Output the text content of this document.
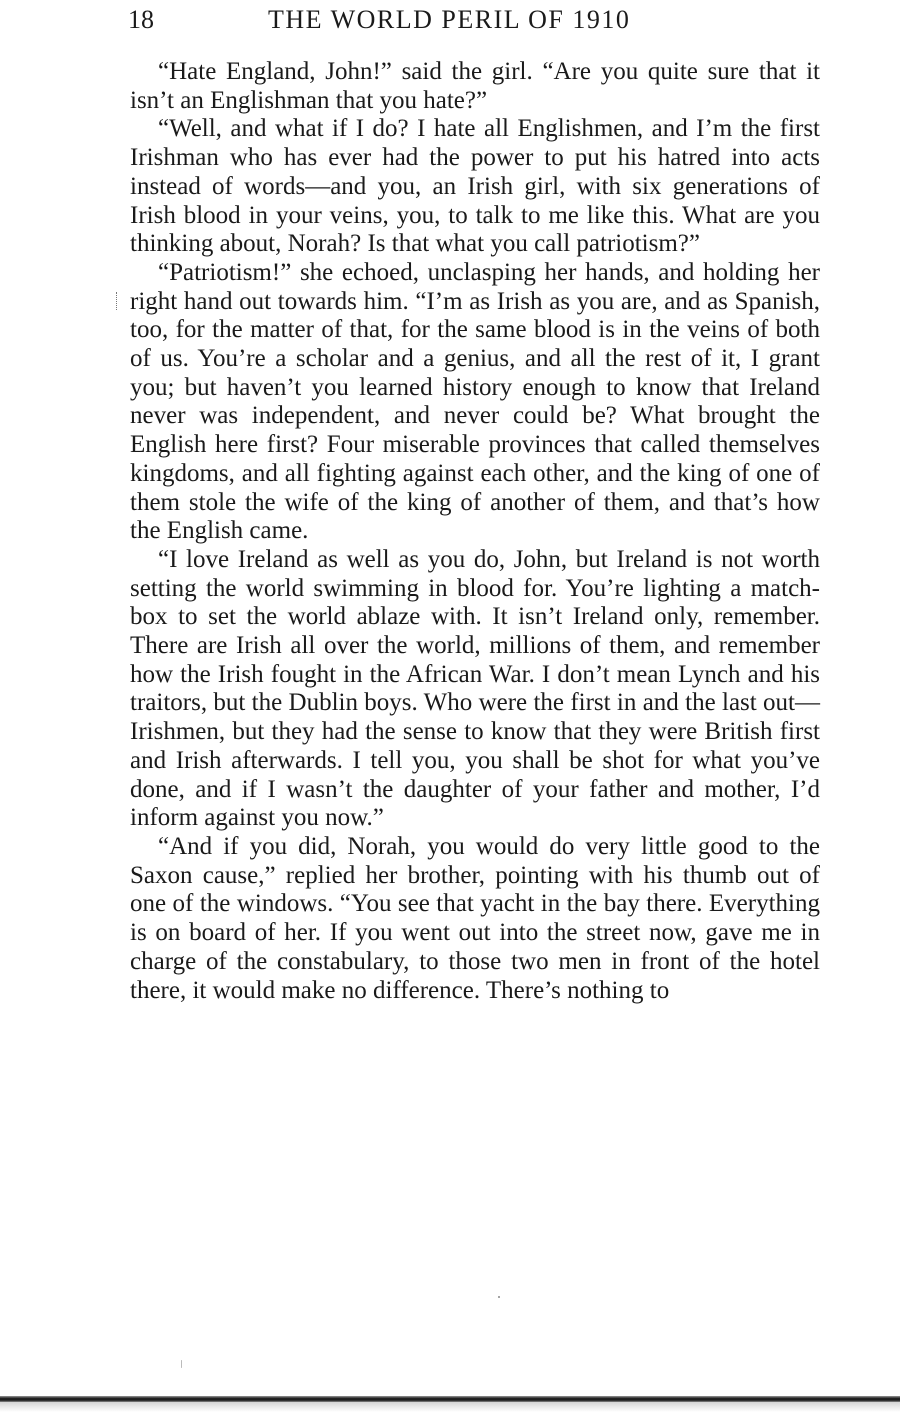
18	THE WORLD PERIL OF 1910

“Hate England, John!” said the girl. “Are you quite sure that it isn’t an Englishman that you hate?”

“Well, and what if I do? I hate all Englishmen, and I’m the first Irishman who has ever had the power to put his hatred into acts instead of words—and you, an Irish girl, with six generations of Irish blood in your veins, you, to talk to me like this. What are you thinking about, Norah? Is that what you call patriotism?”

“Patriotism!” she echoed, unclasping her hands, and holding her right hand out towards him. “I’m as Irish as you are, and as Spanish, too, for the matter of that, for the same blood is in the veins of both of us. You’re a scholar and a genius, and all the rest of it, I grant you; but haven’t you learned history enough to know that Ireland never was independent, and never could be? What brought the English here first? Four miserable provinces that called themselves kingdoms, and all fighting against each other, and the king of one of them stole the wife of the king of another of them, and that’s how the English came.

“I love Ireland as well as you do, John, but Ireland is not worth setting the world swimming in blood for. You’re lighting a match-box to set the world ablaze with. It isn’t Ireland only, remember. There are Irish all over the world, millions of them, and remember how the Irish fought in the African War. I don’t mean Lynch and his traitors, but the Dublin boys. Who were the first in and the last out—Irishmen, but they had the sense to know that they were British first and Irish afterwards. I tell you, you shall be shot for what you’ve done, and if I wasn’t the daughter of your father and mother, I’d inform against you now.”

“And if you did, Norah, you would do very little good to the Saxon cause,” replied her brother, pointing with his thumb out of one of the windows. “You see that yacht in the bay there. Everything is on board of her. If you went out into the street now, gave me in charge of the constabulary, to those two men in front of the hotel there, it would make no difference. There’s nothing to
